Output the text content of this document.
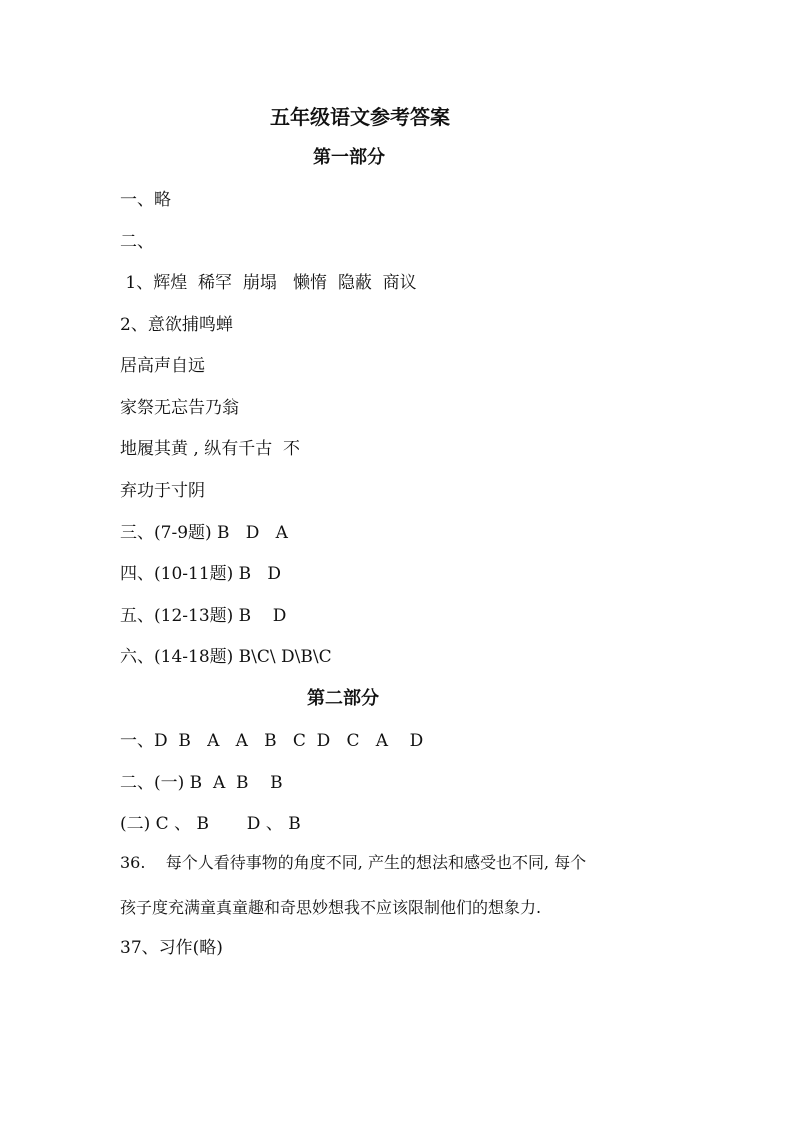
五年级语文参考答案
第一部分

一、略

二、

1、辉煌  稀罕  崩塌   懒惰  隐蔽  商议

2、意欲捕鸣蝉

居高声自远

家祭无忘告乃翁

地履其黄 , 纵有千古  不

弃功于寸阴

三、(7-9题) B   D   A

四、(10-11题) B   D

五、(12-13题) B    D

六、(14-18题) B\C\ D\B\C

第二部分

一、D  B   A   A   B   C  D   C   A    D

二、(一) B  A  B    B

(二) C 、 B       D 、 B

36.    每个人看待事物的角度不同, 产生的想法和感受也不同, 每个

孩子度充满童真童趣和奇思妙想我不应该限制他们的想象力.

37、习作(略)
